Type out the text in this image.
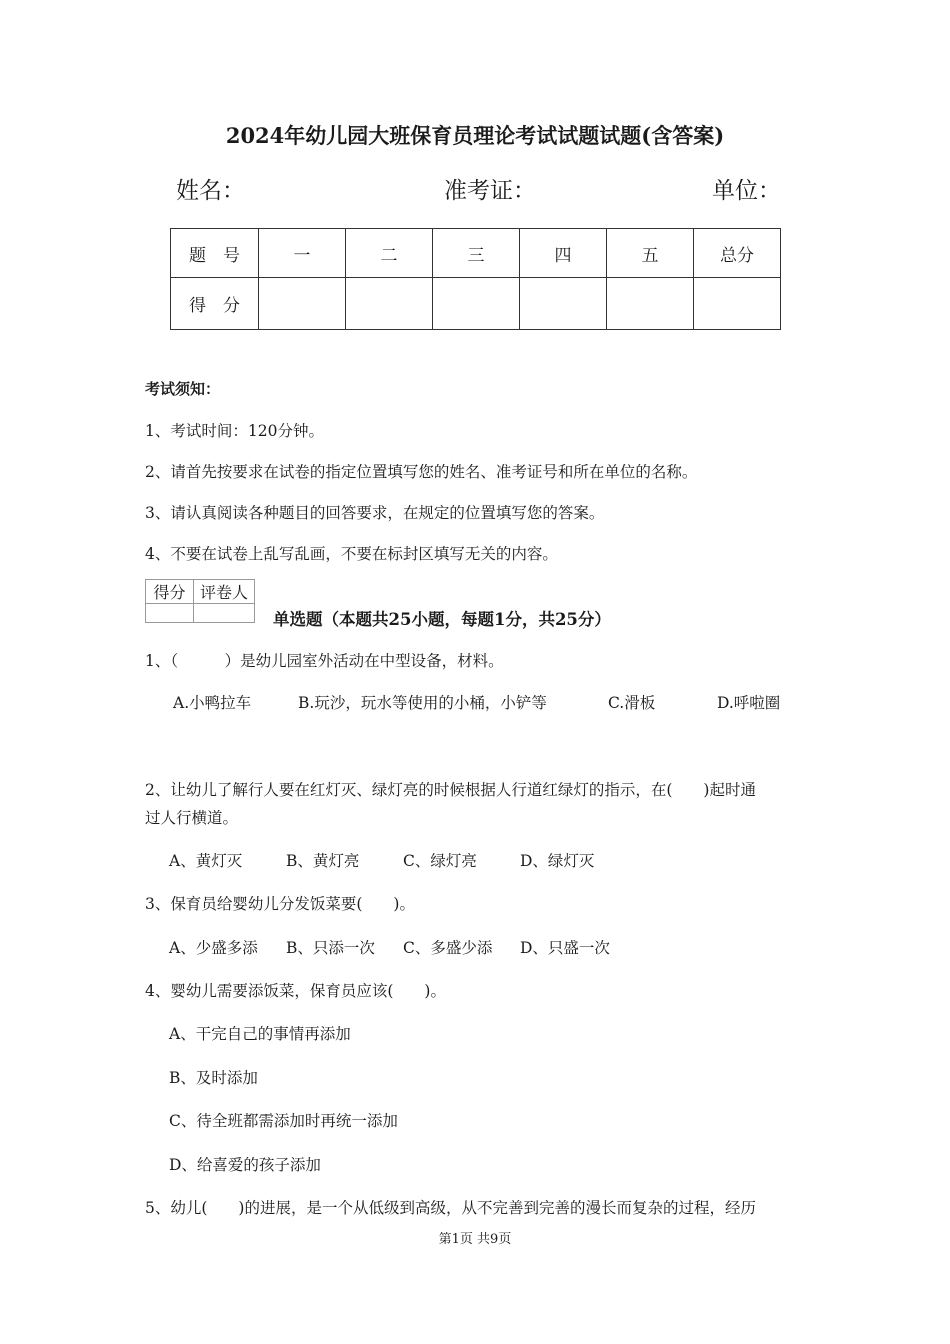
2024年幼儿园大班保育员理论考试试题试题(含答案)
姓名：	准考证：	单位：
题　号	一	二	三	四	五	总分
得　分						
考试须知：
1、考试时间：120分钟。
2、请首先按要求在试卷的指定位置填写您的姓名、准考证号和所在单位的名称。
3、请认真阅读各种题目的回答要求，在规定的位置填写您的答案。
4、不要在试卷上乱写乱画，不要在标封区填写无关的内容。
得分	评卷人

单选题（本题共25小题，每题1分，共25分）
1、（　　　）是幼儿园室外活动在中型设备，材料。
A.小鸭拉车	B.玩沙，玩水等使用的小桶，小铲等	C.滑板	D.呼啦圈
2、让幼儿了解行人要在红灯灭、绿灯亮的时候根据人行道红绿灯的指示，在(　　)起时通
过人行横道。
A、黄灯灭	B、黄灯亮	C、绿灯亮	D、绿灯灭
3、保育员给婴幼儿分发饭菜要(　　)。
A、少盛多添 B、只添一次 C、多盛少添 D、只盛一次
4、婴幼儿需要添饭菜，保育员应该(　　)。
A、干完自己的事情再添加
B、及时添加
C、待全班都需添加时再统一添加
D、给喜爱的孩子添加
5、幼儿(　　)的进展，是一个从低级到高级，从不完善到完善的漫长而复杂的过程，经历
第1页 共9页
